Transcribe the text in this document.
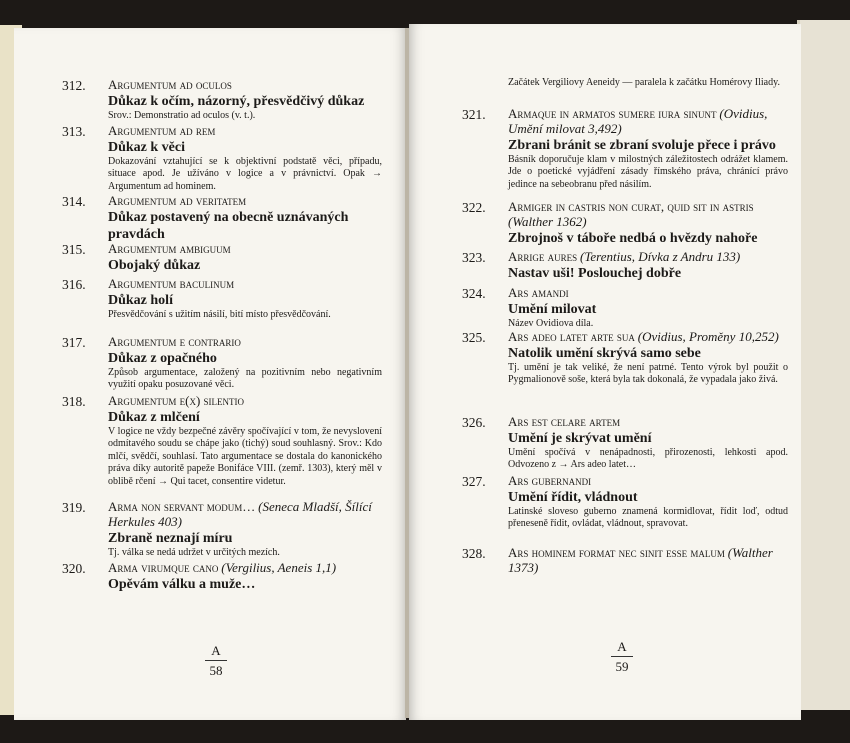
312.	Argumentum ad oculos
Důkaz k očím, názorný, přesvědčivý důkaz
Srov.: Demonstratio ad oculos (v. t.).
313.	Argumentum ad rem
Důkaz k věci
Dokazování vztahující se k objektivní podstatě věci, případu, situace apod. Je užíváno v logice a v právnictví. Opak → Argumentum ad hominem.
314.	Argumentum ad veritatem
Důkaz postavený na obecně uznávaných pravdách
315.	Argumentum ambiguum
Obojaký důkaz
316.	Argumentum baculinum
Důkaz holí
Přesvědčování s užitím násilí, bití místo přesvědčování.
317.	Argumentum e contrario
Důkaz z opačného
Způsob argumentace, založený na pozitivním nebo negativním využití opaku posuzované věci.
318.	Argumentum e(x) silentio
Důkaz z mlčení
V logice ne vždy bezpečné závěry spočívající v tom, že nevyslovení odmítavého soudu se chápe jako (tichý) soud souhlasný. Srov.: Kdo mlčí, svědčí, souhlasí. Tato argumentace se dostala do kanonického práva díky autoritě papeže Bonifáce VIII. (zemř. 1303), který měl v oblibě rčení → Qui tacet, consentire videtur.
319.	Arma non servant modum… (Seneca Mladší, Šílící Herkules 403)
Zbraně neznají míru
Tj. válka se nedá udržet v určitých mezích.
320.	Arma virumque cano (Vergilius, Aeneis 1,1)
Opěvám válku a muže…
A
58
Začátek Vergiliovy Aeneidy — paralela k začátku Homérovy Iliady.
321.	Armaque in armatos sumere iura sinunt (Ovidius, Umění milovat 3,492)
Zbrani bránit se zbraní svoluje přece i právo
Básník doporučuje klam v milostných záležitostech odrážet klamem. Jde o poetické vyjádření zásady římského práva, chránící právo jedince na sebeobranu před násilím.
322.	Armiger in castris non curat, quid sit in astris (Walther 1362)
Zbrojnoš v táboře nedbá o hvězdy nahoře
323.	Arrige aures (Terentius, Dívka z Andru 133)
Nastav uši! Poslouchej dobře
324.	Ars amandi
Umění milovat
Název Ovidiova díla.
325.	Ars adeo latet arte sua (Ovidius, Proměny 10,252)
Natolik umění skrývá samo sebe
Tj. umění je tak veliké, že není patrné. Tento výrok byl použit o Pygmalionově soše, která byla tak dokonalá, že vypadala jako živá.
326.	Ars est celare artem
Umění je skrývat umění
Umění spočívá v nenápadnosti, přirozenosti, lehkosti apod. Odvozeno z → Ars adeo latet…
327.	Ars gubernandi
Umění řídit, vládnout
Latinské sloveso guberno znamená kormidlovat, řídit loď, odtud přeneseně řídit, ovládat, vládnout, spravovat.
328.	Ars hominem format nec sinit esse malum (Walther 1373)
A
59
